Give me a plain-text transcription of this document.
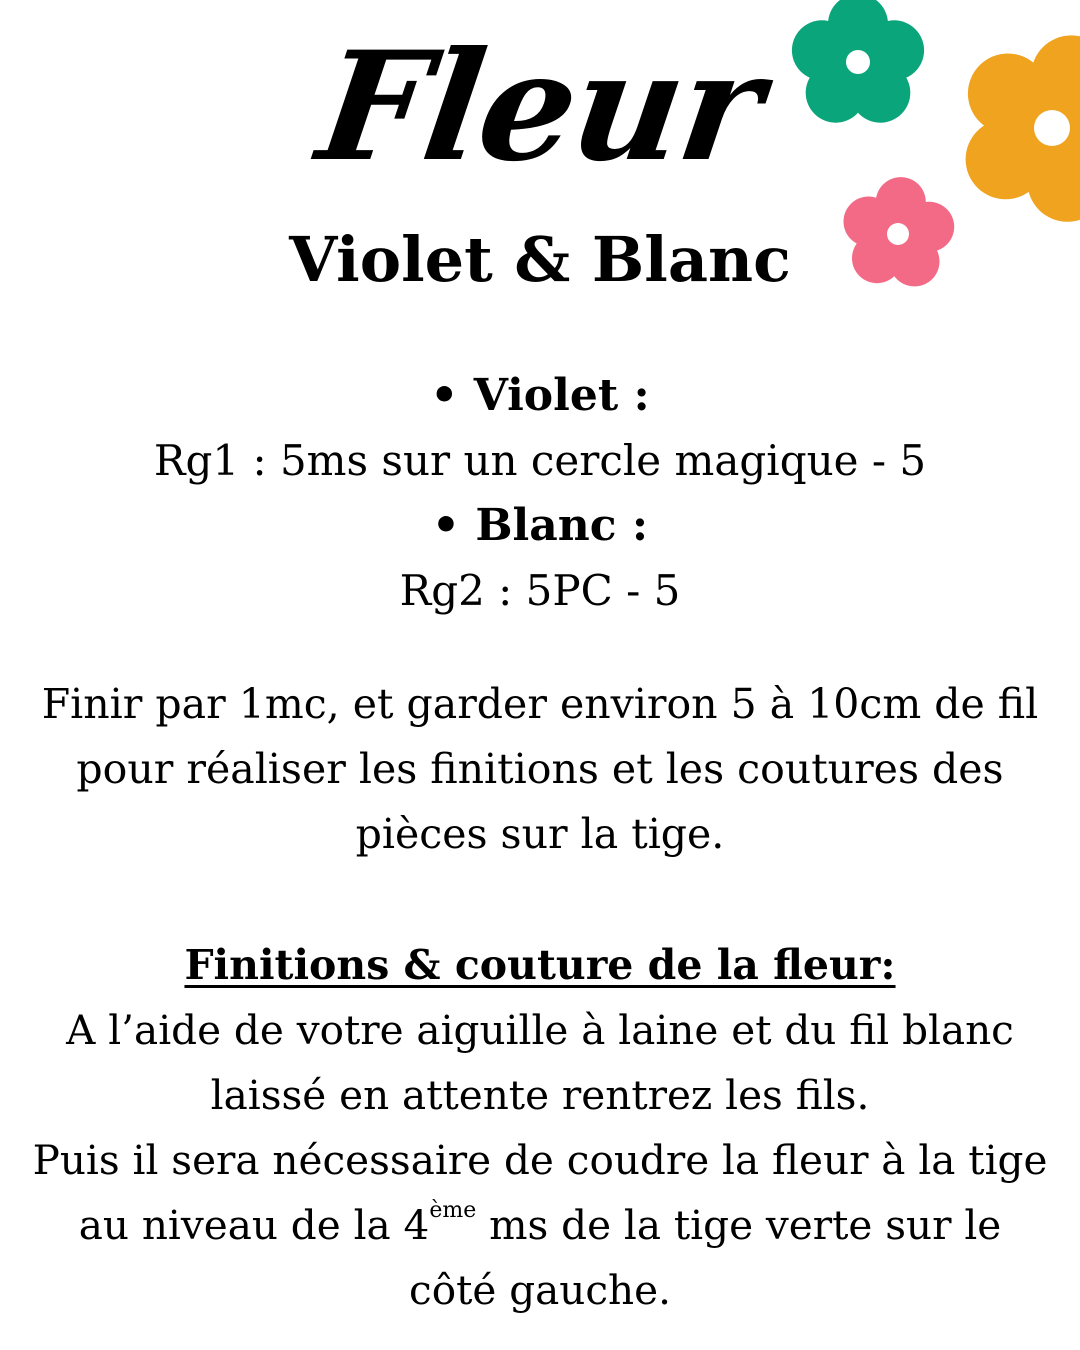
Fleur
Violet & Blanc
• Violet :
Rg1 : 5ms sur un cercle magique - 5
• Blanc :
Rg2 : 5PC - 5
Finir par 1mc, et garder environ 5 à 10cm de fil pour réaliser les finitions et les coutures des pièces sur la tige.
Finitions & couture de la fleur:
A l’aide de votre aiguille à laine et du fil blanc laissé en attente rentrez les fils.
Puis il sera nécessaire de coudre la fleur à la tige au niveau de la 4ème ms de la tige verte sur le côté gauche.
